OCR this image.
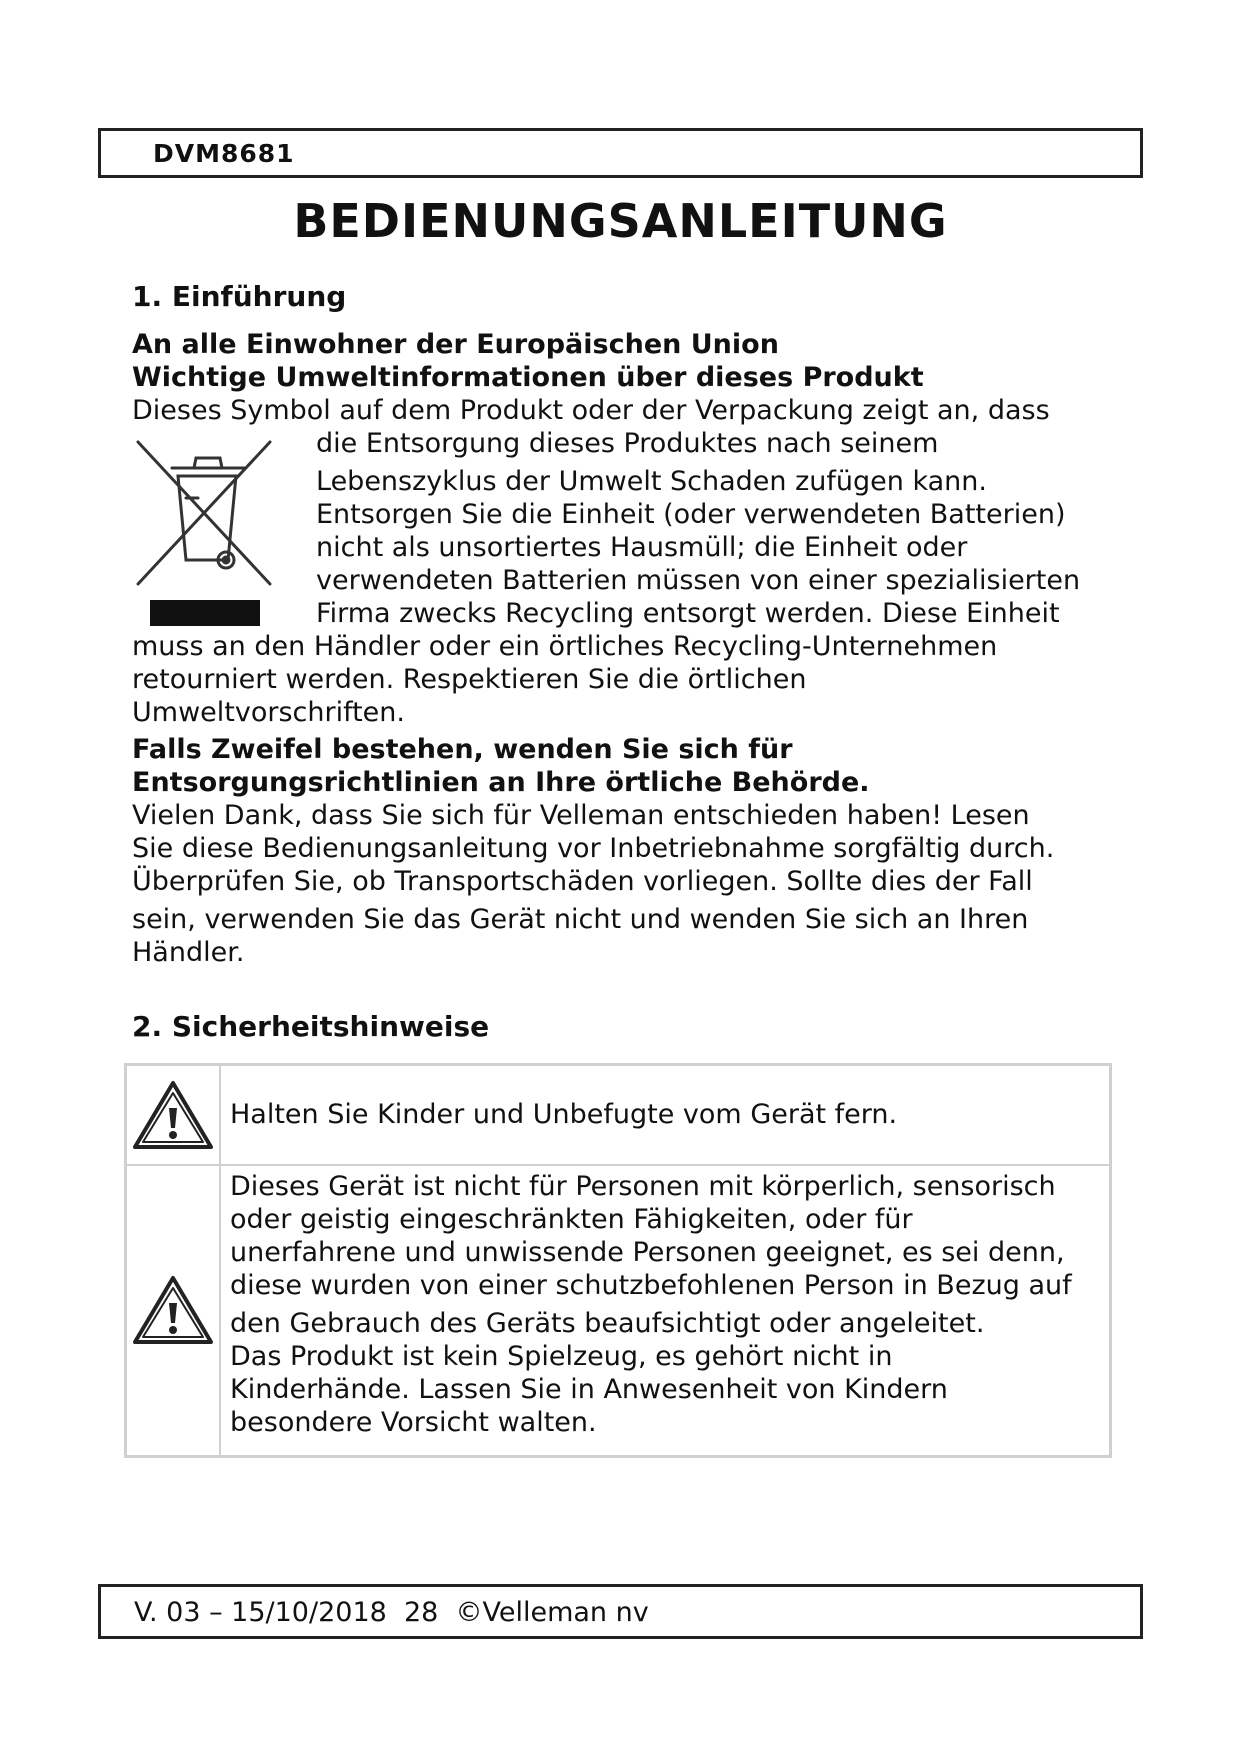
DVM8681
BEDIENUNGSANLEITUNG
1. Einführung
An alle Einwohner der Europäischen Union
Wichtige Umweltinformationen über dieses Produkt
Dieses Symbol auf dem Produkt oder der Verpackung zeigt an, dass
die Entsorgung dieses Produktes nach seinem
Lebenszyklus der Umwelt Schaden zufügen kann.
Entsorgen Sie die Einheit (oder verwendeten Batterien)
nicht als unsortiertes Hausmüll; die Einheit oder
verwendeten Batterien müssen von einer spezialisierten
Firma zwecks Recycling entsorgt werden. Diese Einheit
muss an den Händler oder ein örtliches Recycling-Unternehmen
retourniert werden. Respektieren Sie die örtlichen
Umweltvorschriften.
Falls Zweifel bestehen, wenden Sie sich für
Entsorgungsrichtlinien an Ihre örtliche Behörde.
Vielen Dank, dass Sie sich für Velleman entschieden haben! Lesen
Sie diese Bedienungsanleitung vor Inbetriebnahme sorgfältig durch.
Überprüfen Sie, ob Transportschäden vorliegen. Sollte dies der Fall
sein, verwenden Sie das Gerät nicht und wenden Sie sich an Ihren
Händler.
2. Sicherheitshinweise
Halten Sie Kinder und Unbefugte vom Gerät fern.
Dieses Gerät ist nicht für Personen mit körperlich, sensorisch
oder geistig eingeschränkten Fähigkeiten, oder für
unerfahrene und unwissende Personen geeignet, es sei denn,
diese wurden von einer schutzbefohlenen Person in Bezug auf
den Gebrauch des Geräts beaufsichtigt oder angeleitet.
Das Produkt ist kein Spielzeug, es gehört nicht in
Kinderhände. Lassen Sie in Anwesenheit von Kindern
besondere Vorsicht walten.
V. 03 – 15/10/2018  28  ©Velleman nv
